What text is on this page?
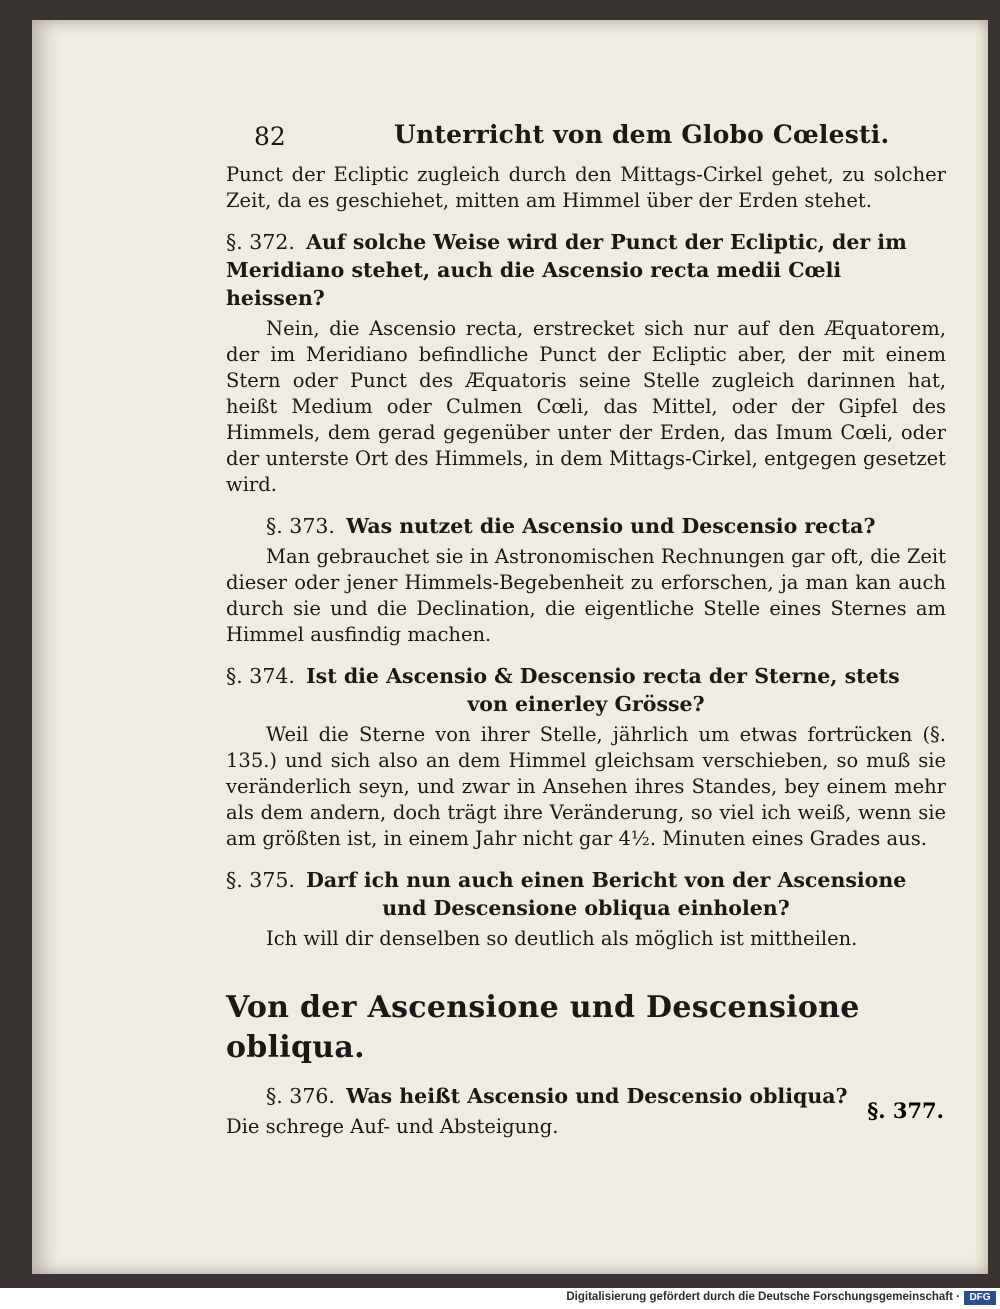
82	Unterricht von dem Globo Cœlesti.

Punct der Ecliptic zugleich durch den Mittags-Cirkel gehet, zu solcher Zeit, da es geschiehet, mitten am Himmel über der Erden stehet.

§. 372. Auf solche Weise wird der Punct der Ecliptic, der im Meridiano stehet, auch die Ascensio recta medii Cœli heissen?

Nein, die Ascensio recta, erstrecket sich nur auf den Æquatorem, der im Meridiano befindliche Punct der Ecliptic aber, der mit einem Stern oder Punct des Æquatoris seine Stelle zugleich darinnen hat, heißt Medium oder Culmen Cœli, das Mittel, oder der Gipfel des Himmels, dem gerad gegenüber unter der Erden, das Imum Cœli, oder der unterste Ort des Himmels, in dem Mittags-Cirkel, entgegen gesetzet wird.

§. 373. Was nutzet die Ascensio und Descensio recta?

Man gebrauchet sie in Astronomischen Rechnungen gar oft, die Zeit dieser oder jener Himmels-Begebenheit zu erforschen, ja man kan auch durch sie und die Declination, die eigentliche Stelle eines Sternes am Himmel ausfindig machen.

§. 374. Ist die Ascensio & Descensio recta der Sterne, stets
von einerley Grösse?

Weil die Sterne von ihrer Stelle, jährlich um etwas fortrücken (§. 135.) und sich also an dem Himmel gleichsam verschieben, so muß sie veränderlich seyn, und zwar in Ansehen ihres Standes, bey einem mehr als dem andern, doch trägt ihre Veränderung, so viel ich weiß, wenn sie am größten ist, in einem Jahr nicht gar 4½. Minuten eines Grades aus.

§. 375. Darf ich nun auch einen Bericht von der Ascensione
und Descensione obliqua einholen?

Ich will dir denselben so deutlich als möglich ist mittheilen.

Von der Ascensione und Descensione obliqua.

§. 376. Was heißt Ascensio und Descensio obliqua?

Die schrege Auf- und Absteigung.

§. 377.
Digitalisierung gefördert durch die Deutsche Forschungsgemeinschaft · DFG
